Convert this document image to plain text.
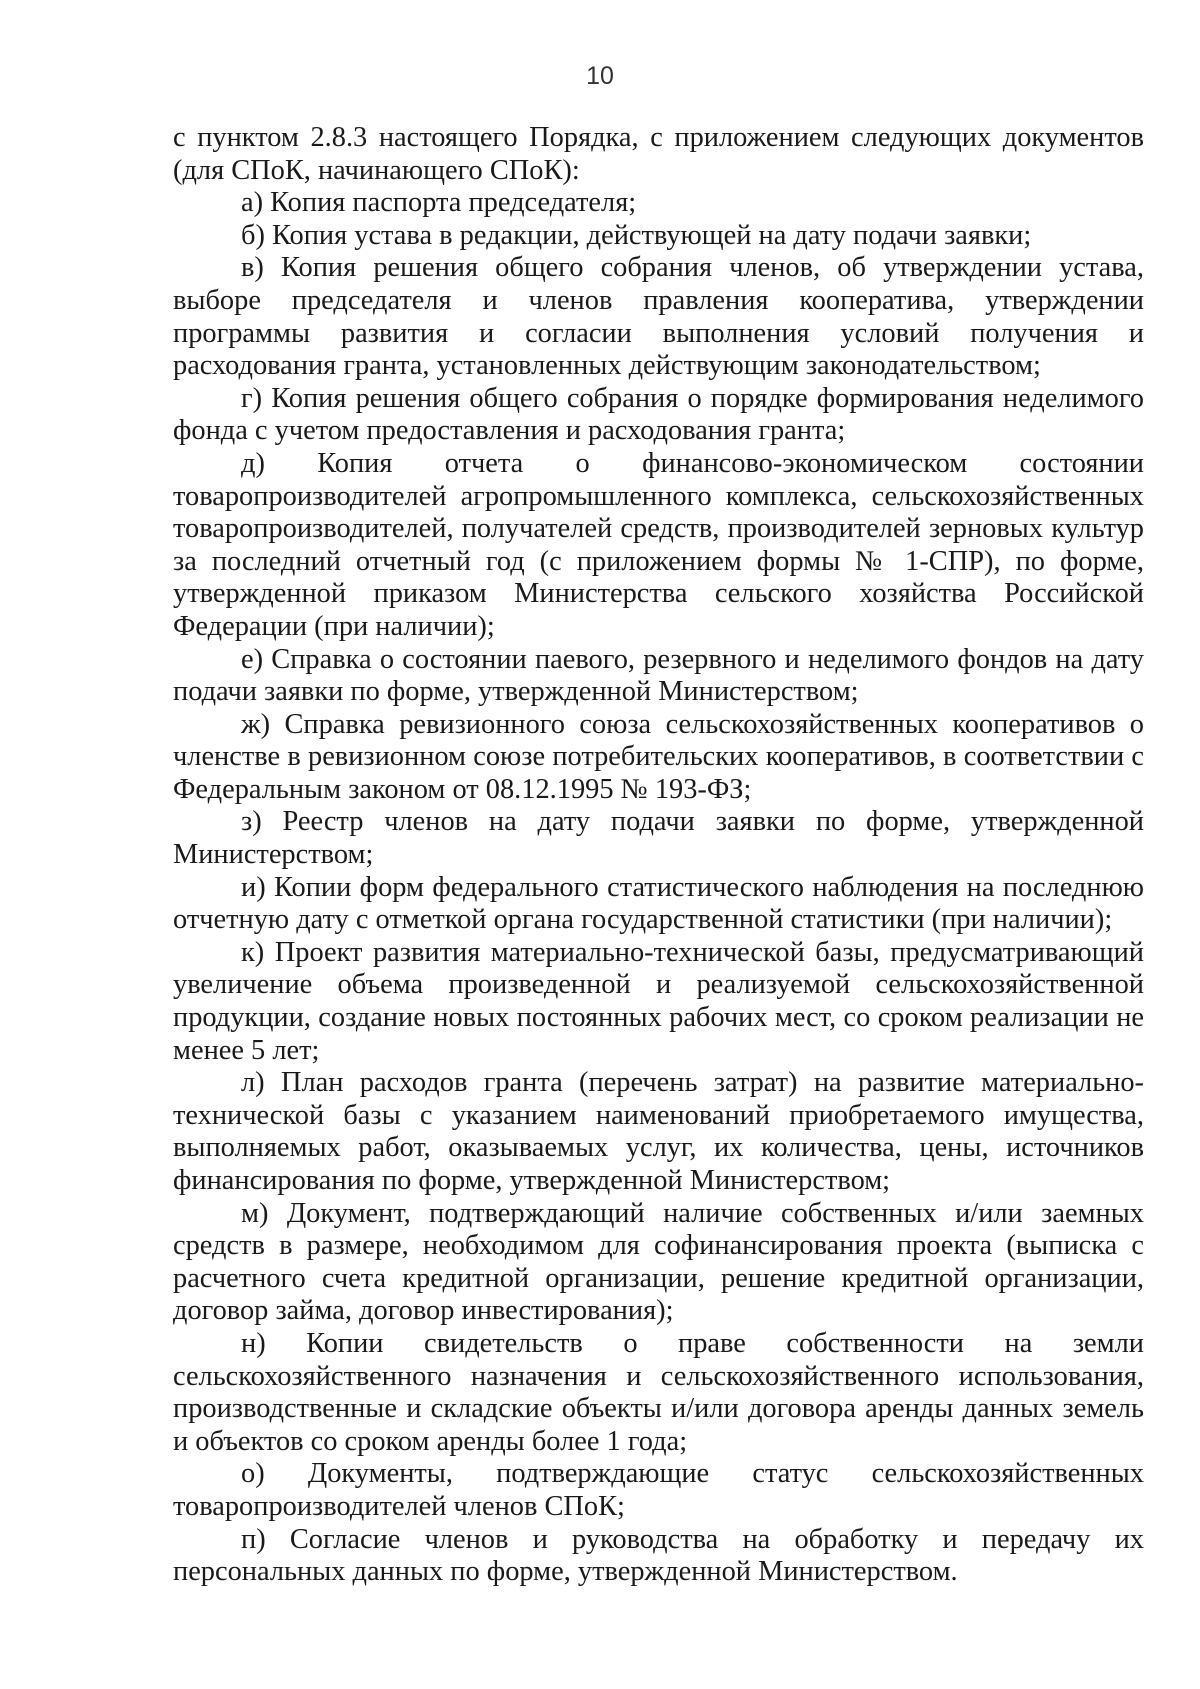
10

с пунктом 2.8.3 настоящего Порядка, с приложением следующих документов (для СПоК, начинающего СПоК):

а) Копия паспорта председателя;

б) Копия устава в редакции, действующей на дату подачи заявки;

в) Копия решения общего собрания членов, об утверждении устава, выборе председателя и членов правления кооператива, утверждении программы развития и согласии выполнения условий получения и расходования гранта, установленных действующим законодательством;

г) Копия решения общего собрания о порядке формирования неделимого фонда с учетом предоставления и расходования гранта;

д) Копия отчета о финансово-экономическом состоянии товаропроизводителей агропромышленного комплекса, сельскохозяйственных товаропроизводителей, получателей средств, производителей зерновых культур за последний отчетный год (с приложением формы № 1-СПР), по форме, утвержденной приказом Министерства сельского хозяйства Российской Федерации (при наличии);

е) Справка о состоянии паевого, резервного и неделимого фондов на дату подачи заявки по форме, утвержденной Министерством;

ж) Справка ревизионного союза сельскохозяйственных кооперативов о членстве в ревизионном союзе потребительских кооперативов, в соответствии с Федеральным законом от 08.12.1995 № 193-ФЗ;

з) Реестр членов на дату подачи заявки по форме, утвержденной Министерством;

и) Копии форм федерального статистического наблюдения на последнюю отчетную дату с отметкой органа государственной статистики (при наличии);

к) Проект развития материально-технической базы, предусматривающий увеличение объема произведенной и реализуемой сельскохозяйственной продукции, создание новых постоянных рабочих мест, со сроком реализации не менее 5 лет;

л) План расходов гранта (перечень затрат) на развитие материально-технической базы с указанием наименований приобретаемого имущества, выполняемых работ, оказываемых услуг, их количества, цены, источников финансирования по форме, утвержденной Министерством;

м) Документ, подтверждающий наличие собственных и/или заемных средств в размере, необходимом для софинансирования проекта (выписка с расчетного счета кредитной организации, решение кредитной организации, договор займа, договор инвестирования);

н) Копии свидетельств о праве собственности на земли сельскохозяйственного назначения и сельскохозяйственного использования, производственные и складские объекты и/или договора аренды данных земель и объектов со сроком аренды более 1 года;

о) Документы, подтверждающие статус сельскохозяйственных товаропроизводителей членов СПоК;

п) Согласие членов и руководства на обработку и передачу их персональных данных по форме, утвержденной Министерством.
